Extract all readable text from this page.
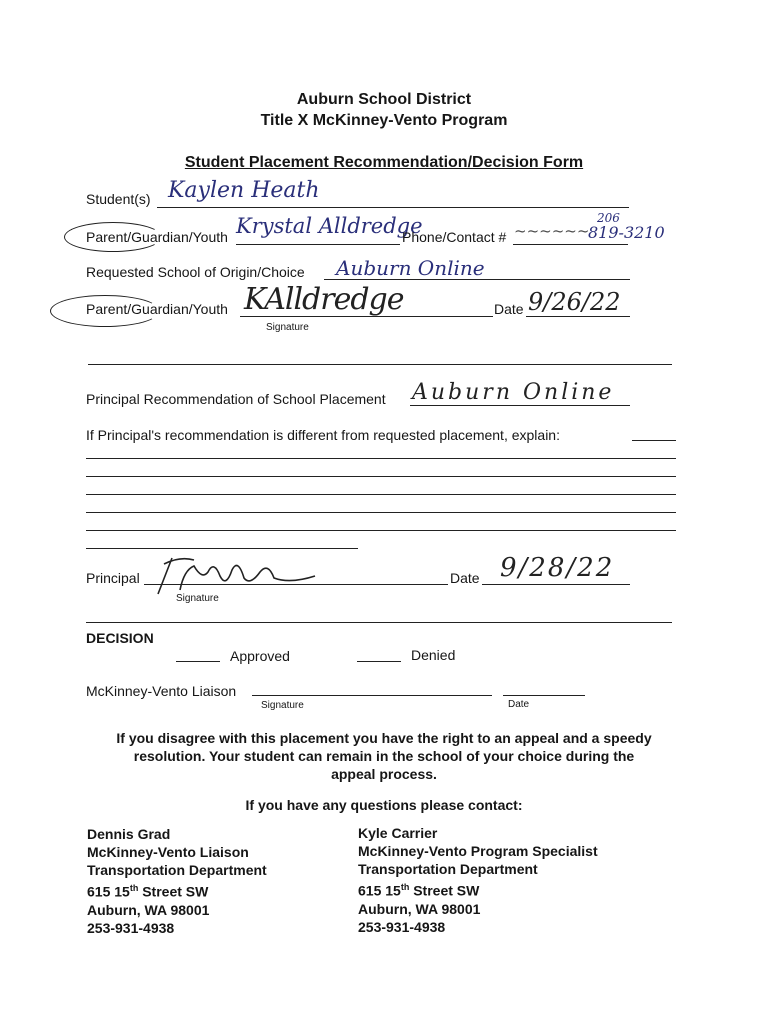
Auburn School District
Title X McKinney-Vento Program
Student Placement Recommendation/Decision Form
Student(s) Kaylen Heath
Parent/Guardian/Youth Krystal Alldredge
Phone/Contact # ~~~~~~
206
819-3210
Requested School of Origin/Choice Auburn Online
Parent/Guardian/Youth KAlldredge
Signature
Date 9/26/22
Principal Recommendation of School Placement Auburn Online
If Principal's recommendation is different from requested placement, explain:
Principal
Signature
Date 9/28/22
DECISION
Approved	Denied
McKinney-Vento Liaison
Signature	Date
If you disagree with this placement you have the right to an appeal and a speedy
resolution. Your student can remain in the school of your choice during the
appeal process.
If you have any questions please contact:
Dennis Grad
McKinney-Vento Liaison
Transportation Department
615 15th Street SW
Auburn, WA 98001
253-931-4938
Kyle Carrier
McKinney-Vento Program Specialist
Transportation Department
615 15th Street SW
Auburn, WA 98001
253-931-4938
